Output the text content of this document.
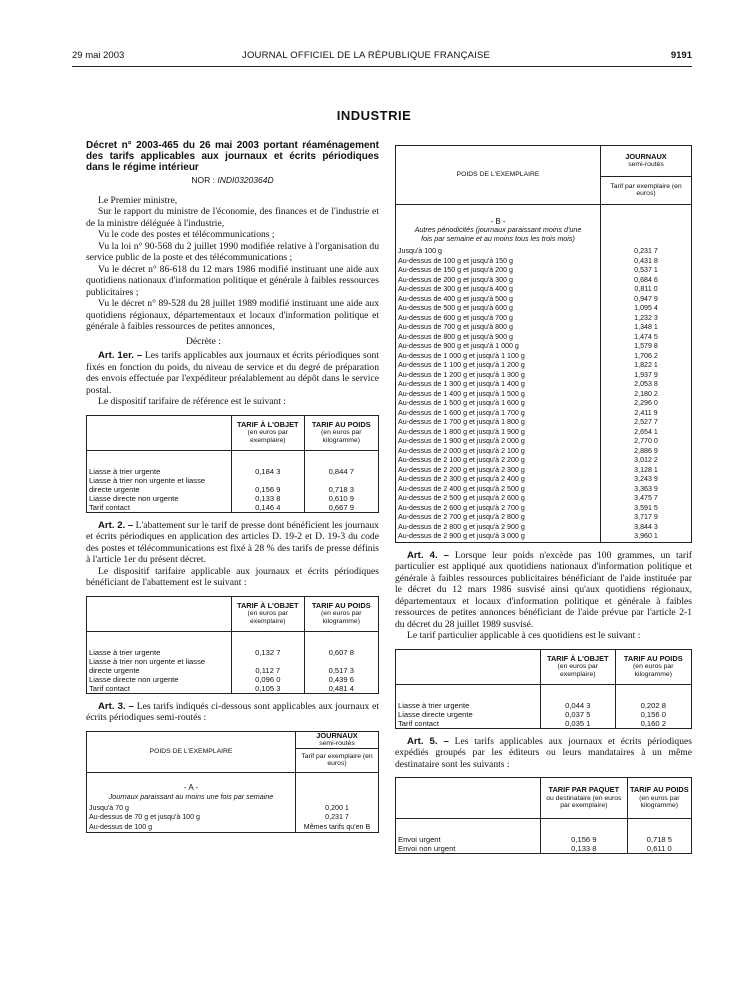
29 mai 2003	JOURNAL OFFICIEL DE LA RÉPUBLIQUE FRANÇAISE	9191
INDUSTRIE

Décret n° 2003-465 du 26 mai 2003 portant réaménagement des tarifs applicables aux journaux et écrits périodiques dans le régime intérieur

NOR : INDI0320364D

Le Premier ministre,

Sur le rapport du ministre de l'économie, des finances et de l'industrie et de la ministre déléguée à l'industrie,

Vu le code des postes et télécommunications ;

Vu la loi n° 90-568 du 2 juillet 1990 modifiée relative à l'organisation du service public de la poste et des télécommunications ;

Vu le décret n° 86-618 du 12 mars 1986 modifié instituant une aide aux quotidiens nationaux d'information politique et générale à faibles ressources publicitaires ;

Vu le décret n° 89-528 du 28 juillet 1989 modifié instituant une aide aux quotidiens régionaux, départementaux et locaux d'information politique et générale à faibles ressources de petites annonces,

Décrète :

Art. 1er. – Les tarifs applicables aux journaux et écrits périodiques sont fixés en fonction du poids, du niveau de service et du degré de préparation des envois effectuée par l'expéditeur préalablement au dépôt dans le service postal.

Le dispositif tarifaire de référence est le suivant :

	TARIF À L'OBJET
(en euros par exemplaire)	TARIF AU POIDS
(en euros par kilogramme)
Liasse à trier urgente	0,184 3	0,844 7
Liasse à trier non urgente et liasse directe urgente	0,156 9	0,718 3
Liasse directe non urgente	0,133 8	0,610 9
Tarif contact	0,146 4	0,667 9

Art. 2. – L'abattement sur le tarif de presse dont bénéficient les journaux et écrits périodiques en application des articles D. 19-2 et D. 19-3 du code des postes et télécommunications est fixé à 28 % des tarifs de presse définis à l'article 1er du présent décret.

Le dispositif tarifaire applicable aux journaux et écrits périodiques bénéficiant de l'abattement est le suivant :

	TARIF À L'OBJET
(en euros par exemplaire)	TARIF AU POIDS
(en euros par kilogramme)
Liasse à trier urgente	0,132 7	0,607 8
Liasse à trier non urgente et liasse directe urgente	0,112 7	0,517 3
Liasse directe non urgente	0,096 0	0,439 6
Tarif contact	0,105 3	0,481 4

Art. 3. – Les tarifs indiqués ci-dessous sont applicables aux journaux et écrits périodiques semi-routés :

POIDS DE L'EXEMPLAIRE	JOURNAUX
semi-routés
	Tarif par exemplaire (en euros)
- A -	
Journaux paraissant au moins une fois par semaine	
Jusqu'à 70 g	0,200 1
Au-dessus de 70 g et jusqu'à 100 g	0,231 7
Au-dessus de 100 g	Mêmes tarifs qu'en B
POIDS DE L'EXEMPLAIRE	JOURNAUX
semi-routés
	Tarif par exemplaire (en euros)
- B -	
Autres périodicités (journaux paraissant moins d'une fois par semaine et au moins tous les trois mois)	
Jusqu'à 100 g	0,231 7
Au-dessus de 100 g et jusqu'à 150 g	0,431 8
Au-dessus de 150 g et jusqu'à 200 g	0,537 1
Au-dessus de 200 g et jusqu'à 300 g	0,684 6
Au-dessus de 300 g et jusqu'à 400 g	0,811 0
Au-dessus de 400 g et jusqu'à 500 g	0,947 9
Au-dessus de 500 g et jusqu'à 600 g	1,095 4
Au-dessus de 600 g et jusqu'à 700 g	1,232 3
Au-dessus de 700 g et jusqu'à 800 g	1,348 1
Au-dessus de 800 g et jusqu'à 900 g	1,474 5
Au-dessus de 900 g et jusqu'à 1 000 g	1,579 8
Au-dessus de 1 000 g et jusqu'à 1 100 g	1,706 2
Au-dessus de 1 100 g et jusqu'à 1 200 g	1,822 1
Au-dessus de 1 200 g et jusqu'à 1 300 g	1,937 9
Au-dessus de 1 300 g et jusqu'à 1 400 g	2,053 8
Au-dessus de 1 400 g et jusqu'à 1 500 g	2,180 2
Au-dessus de 1 500 g et jusqu'à 1 600 g	2,296 0
Au-dessus de 1 600 g et jusqu'à 1 700 g	2,411 9
Au-dessus de 1 700 g et jusqu'à 1 800 g	2,527 7
Au-dessus de 1 800 g et jusqu'à 1 900 g	2,654 1
Au-dessus de 1 900 g et jusqu'à 2 000 g	2,770 0
Au-dessus de 2 000 g et jusqu'à 2 100 g	2,886 9
Au-dessus de 2 100 g et jusqu'à 2 200 g	3,012 2
Au-dessus de 2 200 g et jusqu'à 2 300 g	3,128 1
Au-dessus de 2 300 g et jusqu'à 2 400 g	3,243 9
Au-dessus de 2 400 g et jusqu'à 2 500 g	3,363 9
Au-dessus de 2 500 g et jusqu'à 2 600 g	3,475 7
Au-dessus de 2 600 g et jusqu'à 2 700 g	3,591 5
Au-dessus de 2 700 g et jusqu'à 2 800 g	3,717 9
Au-dessus de 2 800 g et jusqu'à 2 900 g	3,844 3
Au-dessus de 2 900 g et jusqu'à 3 000 g	3,960 1

Art. 4. – Lorsque leur poids n'excède pas 100 grammes, un tarif particulier est appliqué aux quotidiens nationaux d'information politique et générale à faibles ressources publicitaires bénéficiant de l'aide instituée par le décret du 12 mars 1986 susvisé ainsi qu'aux quotidiens régionaux, départementaux et locaux d'information politique et générale à faibles ressources de petites annonces bénéficiant de l'aide prévue par l'article 2-1 du décret du 28 juillet 1989 susvisé.

Le tarif particulier applicable à ces quotidiens est le suivant :

	TARIF À L'OBJET
(en euros par exemplaire)	TARIF AU POIDS
(en euros par kilogramme)
Liasse à trier urgente	0,044 3	0,202 8
Liasse directe urgente	0,037 5	0,156 0
Tarif contact	0,035 1	0,160 2

Art. 5. – Les tarifs applicables aux journaux et écrits périodiques expédiés groupés par les éditeurs ou leurs mandataires à un même destinataire sont les suivants :

	TARIF PAR PAQUET
ou destinataire (en euros par exemplaire)	TARIF AU POIDS
(en euros par kilogramme)
Envoi urgent	0,156 9	0,718 5
Envoi non urgent	0,133 8	0,611 0
